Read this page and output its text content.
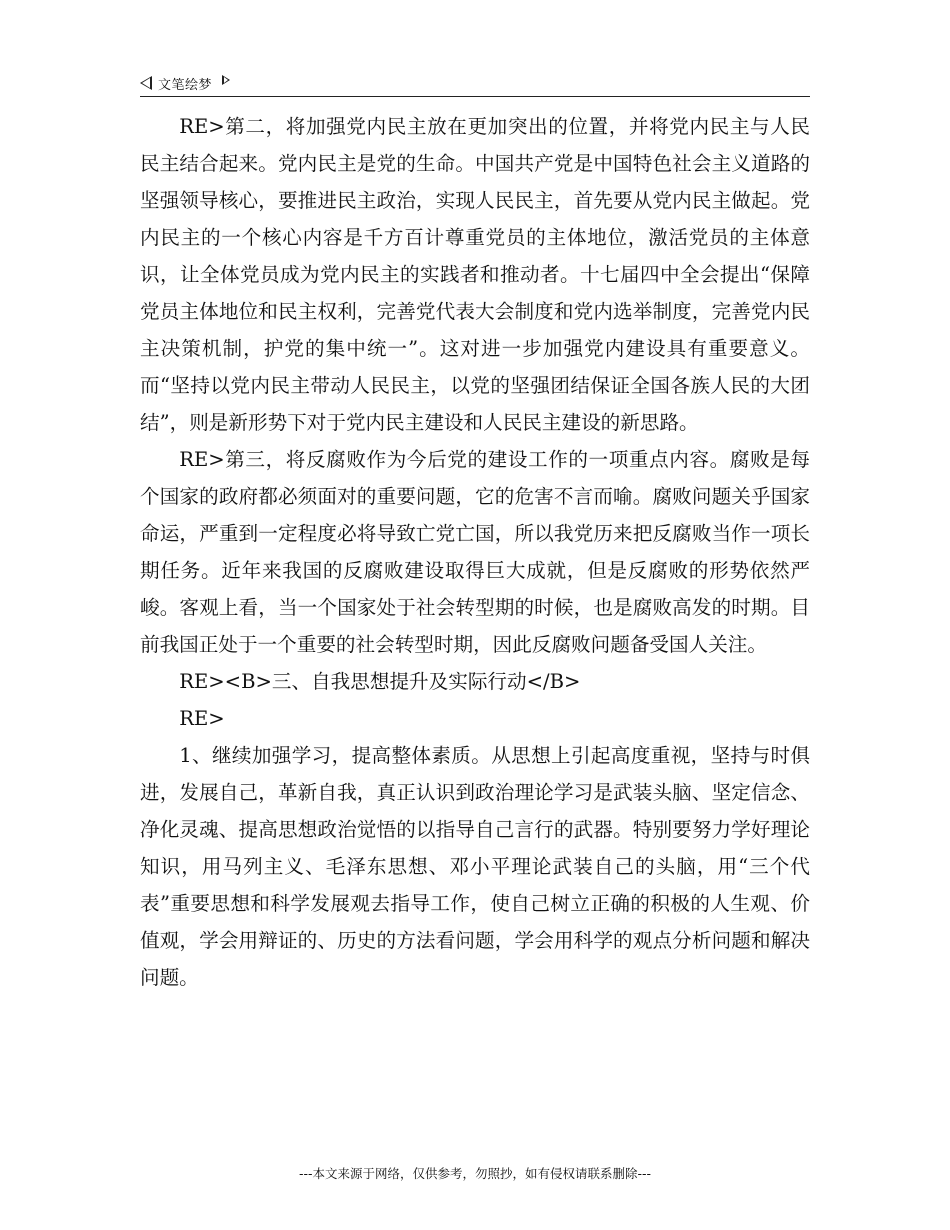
文笔绘梦

RE>第二，将加强党内民主放在更加突出的位置，并将党内民主与人民民主结合起来。党内民主是党的生命。中国共产党是中国特色社会主义道路的坚强领导核心，要推进民主政治，实现人民民主，首先要从党内民主做起。党内民主的一个核心内容是千方百计尊重党员的主体地位，激活党员的主体意识，让全体党员成为党内民主的实践者和推动者。十七届四中全会提出“保障党员主体地位和民主权利，完善党代表大会制度和党内选举制度，完善党内民主决策机制，护党的集中统一”。这对进一步加强党内建设具有重要意义。而“坚持以党内民主带动人民民主，以党的坚强团结保证全国各族人民的大团结”，则是新形势下对于党内民主建设和人民民主建设的新思路。

RE>第三，将反腐败作为今后党的建设工作的一项重点内容。腐败是每个国家的政府都必须面对的重要问题，它的危害不言而喻。腐败问题关乎国家命运，严重到一定程度必将导致亡党亡国，所以我党历来把反腐败当作一项长期任务。近年来我国的反腐败建设取得巨大成就，但是反腐败的形势依然严峻。客观上看，当一个国家处于社会转型期的时候，也是腐败高发的时期。目前我国正处于一个重要的社会转型时期，因此反腐败问题备受国人关注。

RE><B>三、自我思想提升及实际行动</B>

RE>

1、继续加强学习，提高整体素质。从思想上引起高度重视，坚持与时俱进，发展自己，革新自我，真正认识到政治理论学习是武装头脑、坚定信念、净化灵魂、提高思想政治觉悟的以指导自己言行的武器。特别要努力学好理论知识，用马列主义、毛泽东思想、邓小平理论武装自己的头脑，用“三个代表”重要思想和科学发展观去指导工作，使自己树立正确的积极的人生观、价值观，学会用辩证的、历史的方法看问题，学会用科学的观点分析问题和解决问题。

---本文来源于网络，仅供参考，勿照抄，如有侵权请联系删除---
